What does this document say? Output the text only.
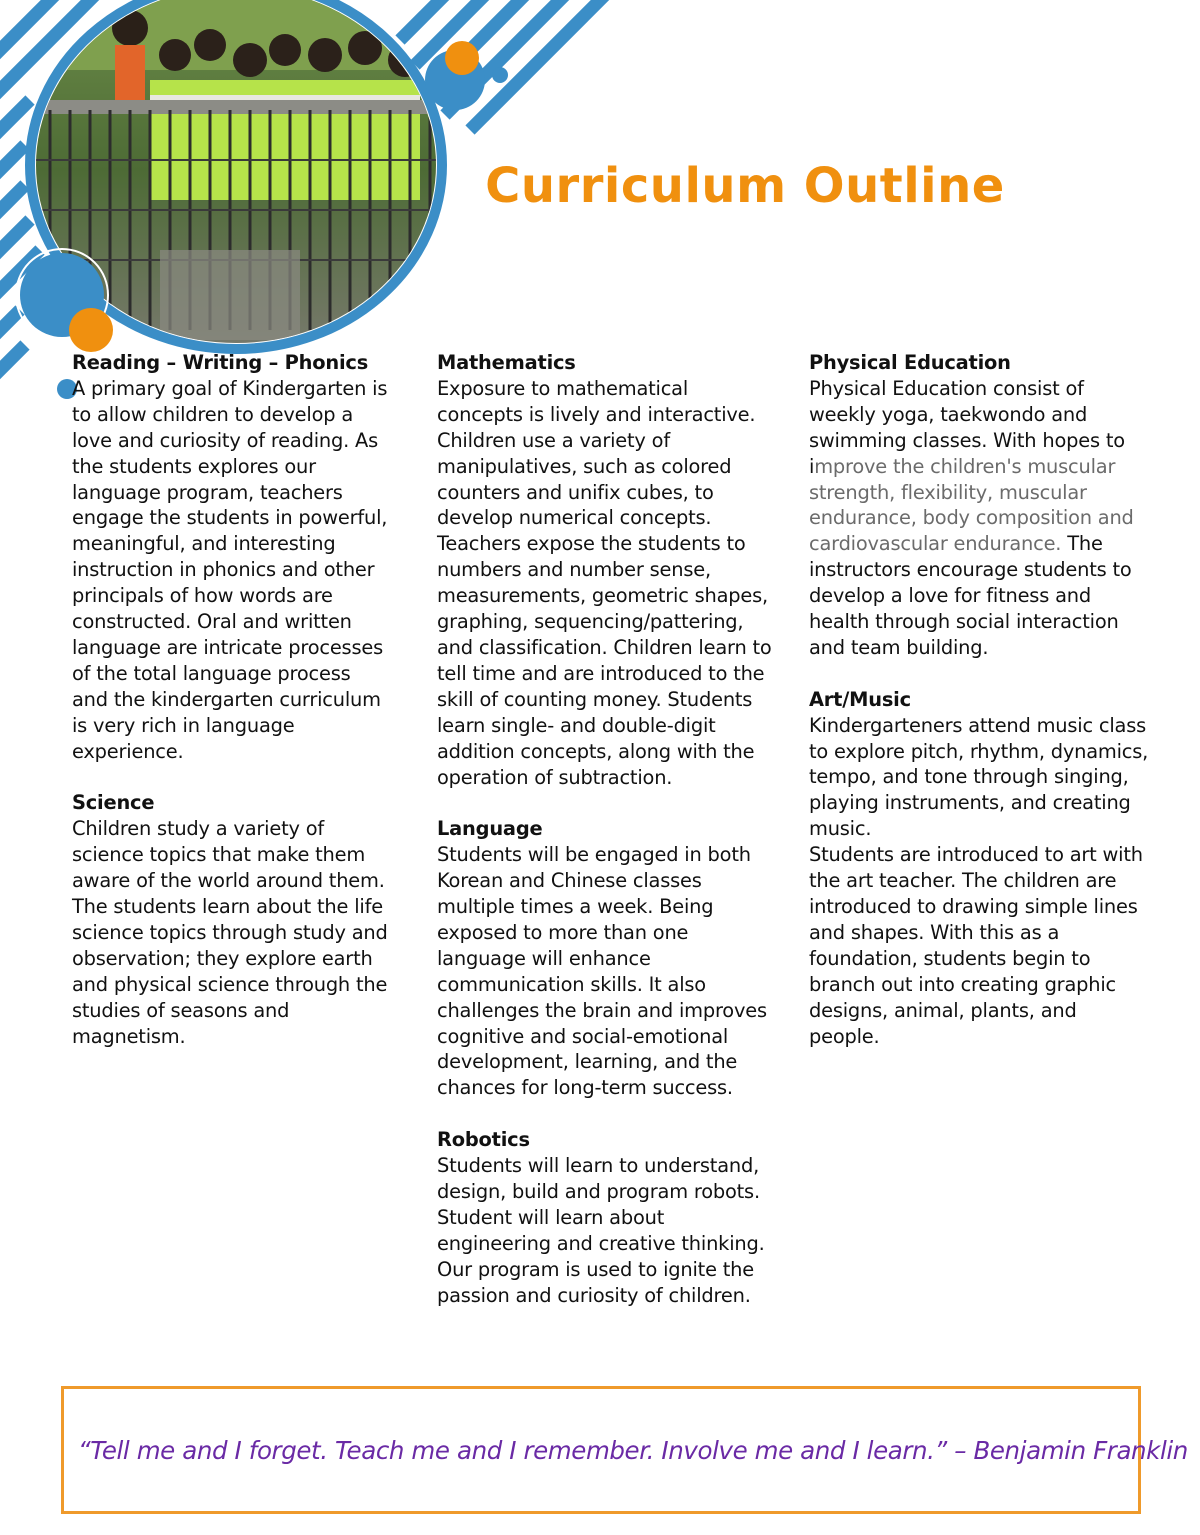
Curriculum Outline
Reading – Writing – Phonics

A primary goal of Kindergarten is to allow children to develop a love and curiosity of reading. As the students explores our language program, teachers engage the students in powerful, meaningful, and interesting instruction in phonics and other principals of how words are constructed. Oral and written language are intricate processes of the total language process and the kindergarten curriculum is very rich in language experience.

Science

Children study a variety of science topics that make them aware of the world around them. The students learn about the life science topics through study and observation; they explore earth and physical science through the studies of seasons and magnetism.

Mathematics

Exposure to mathematical concepts is lively and interactive. Children use a variety of manipulatives, such as colored counters and unifix cubes, to develop numerical concepts. Teachers expose the students to numbers and number sense, measurements, geometric shapes, graphing, sequencing/pattering, and classification. Children learn to tell time and are introduced to the skill of counting money. Students learn single- and double-digit addition concepts, along with the operation of subtraction.

Language

Students will be engaged in both Korean and Chinese classes multiple times a week. Being exposed to more than one language will enhance communication skills. It also challenges the brain and improves cognitive and social-emotional development, learning, and the chances for long-term success.

Robotics

Students will learn to understand, design, build and program robots. Student will learn about engineering and creative thinking. Our program is used to ignite the passion and curiosity of children.

Physical Education

Physical Education consist of weekly yoga, taekwondo and swimming classes. With hopes to improve the children's muscular strength, flexibility, muscular endurance, body composition and cardiovascular endurance. The instructors encourage students to develop a love for fitness and health through social interaction and team building.

Art/Music

Kindergarteners attend music class to explore pitch, rhythm, dynamics, tempo, and tone through singing, playing instruments, and creating music.

Students are introduced to art with the art teacher. The children are introduced to drawing simple lines and shapes. With this as a foundation, students begin to branch out into creating graphic designs, animal, plants, and people.

“Tell me and I forget. Teach me and I remember. Involve me and I learn.” – Benjamin Franklin
